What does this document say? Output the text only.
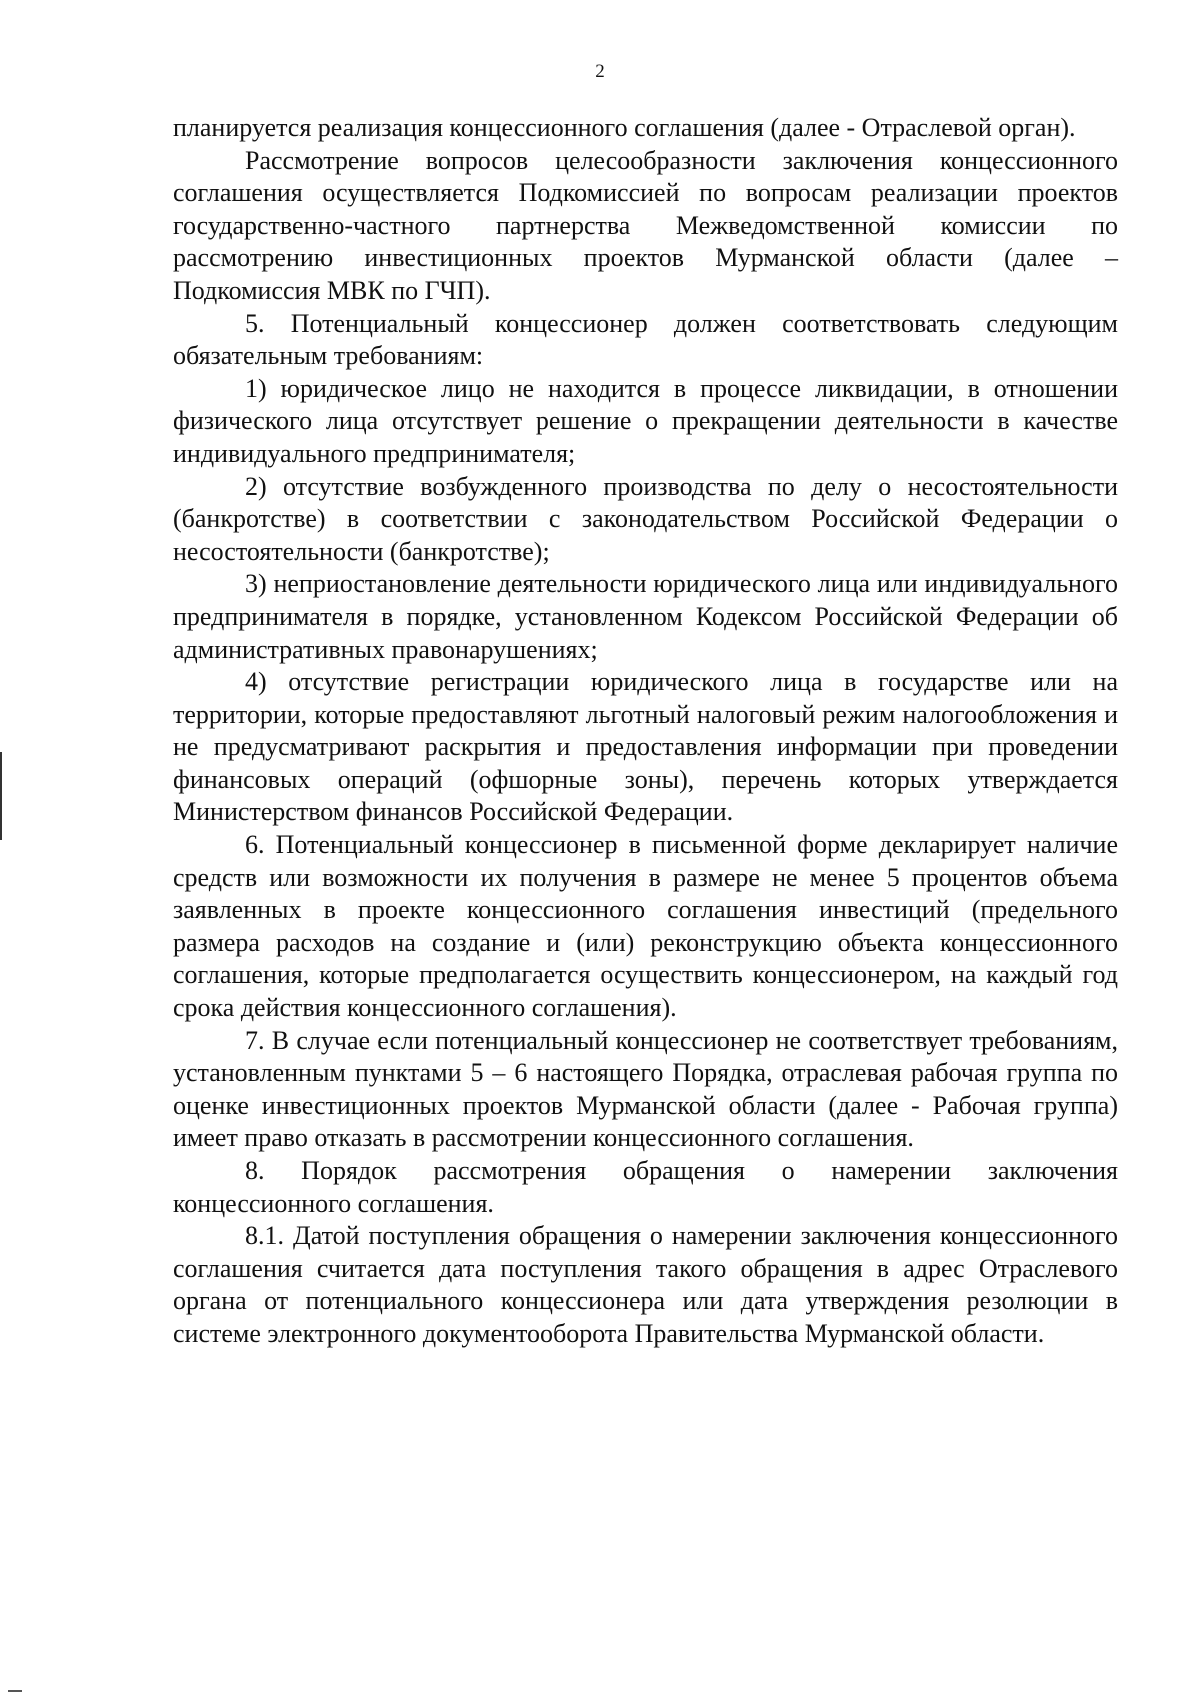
2

планируется реализация концессионного соглашения (далее - Отраслевой орган).

Рассмотрение вопросов целесообразности заключения концессионного соглашения осуществляется Подкомиссией по вопросам реализации проектов государственно-частного партнерства Межведомственной комиссии по рассмотрению инвестиционных проектов Мурманской области (далее – Подкомиссия МВК по ГЧП).

5. Потенциальный концессионер должен соответствовать следующим обязательным требованиям:

1) юридическое лицо не находится в процессе ликвидации, в отношении физического лица отсутствует решение о прекращении деятельности в качестве индивидуального предпринимателя;

2) отсутствие возбужденного производства по делу о несостоятельности (банкротстве) в соответствии с законодательством Российской Федерации о несостоятельности (банкротстве);

3) неприостановление деятельности юридического лица или индивидуального предпринимателя в порядке, установленном Кодексом Российской Федерации об административных правонарушениях;

4) отсутствие регистрации юридического лица в государстве или на территории, которые предоставляют льготный налоговый режим налогообложения и не предусматривают раскрытия и предоставления информации при проведении финансовых операций (офшорные зоны), перечень которых утверждается Министерством финансов Российской Федерации.

6. Потенциальный концессионер в письменной форме декларирует наличие средств или возможности их получения в размере не менее 5 процентов объема заявленных в проекте концессионного соглашения инвестиций (предельного размера расходов на создание и (или) реконструкцию объекта концессионного соглашения, которые предполагается осуществить концессионером, на каждый год срока действия концессионного соглашения).

7. В случае если потенциальный концессионер не соответствует требованиям, установленным пунктами 5 – 6 настоящего Порядка, отраслевая рабочая группа по оценке инвестиционных проектов Мурманской области (далее - Рабочая группа) имеет право отказать в рассмотрении концессионного соглашения.

8. Порядок рассмотрения обращения о намерении заключения концессионного соглашения.

8.1. Датой поступления обращения о намерении заключения концессионного соглашения считается дата поступления такого обращения в адрес Отраслевого органа от потенциального концессионера или дата утверждения резолюции в системе электронного документооборота Правительства Мурманской области.
